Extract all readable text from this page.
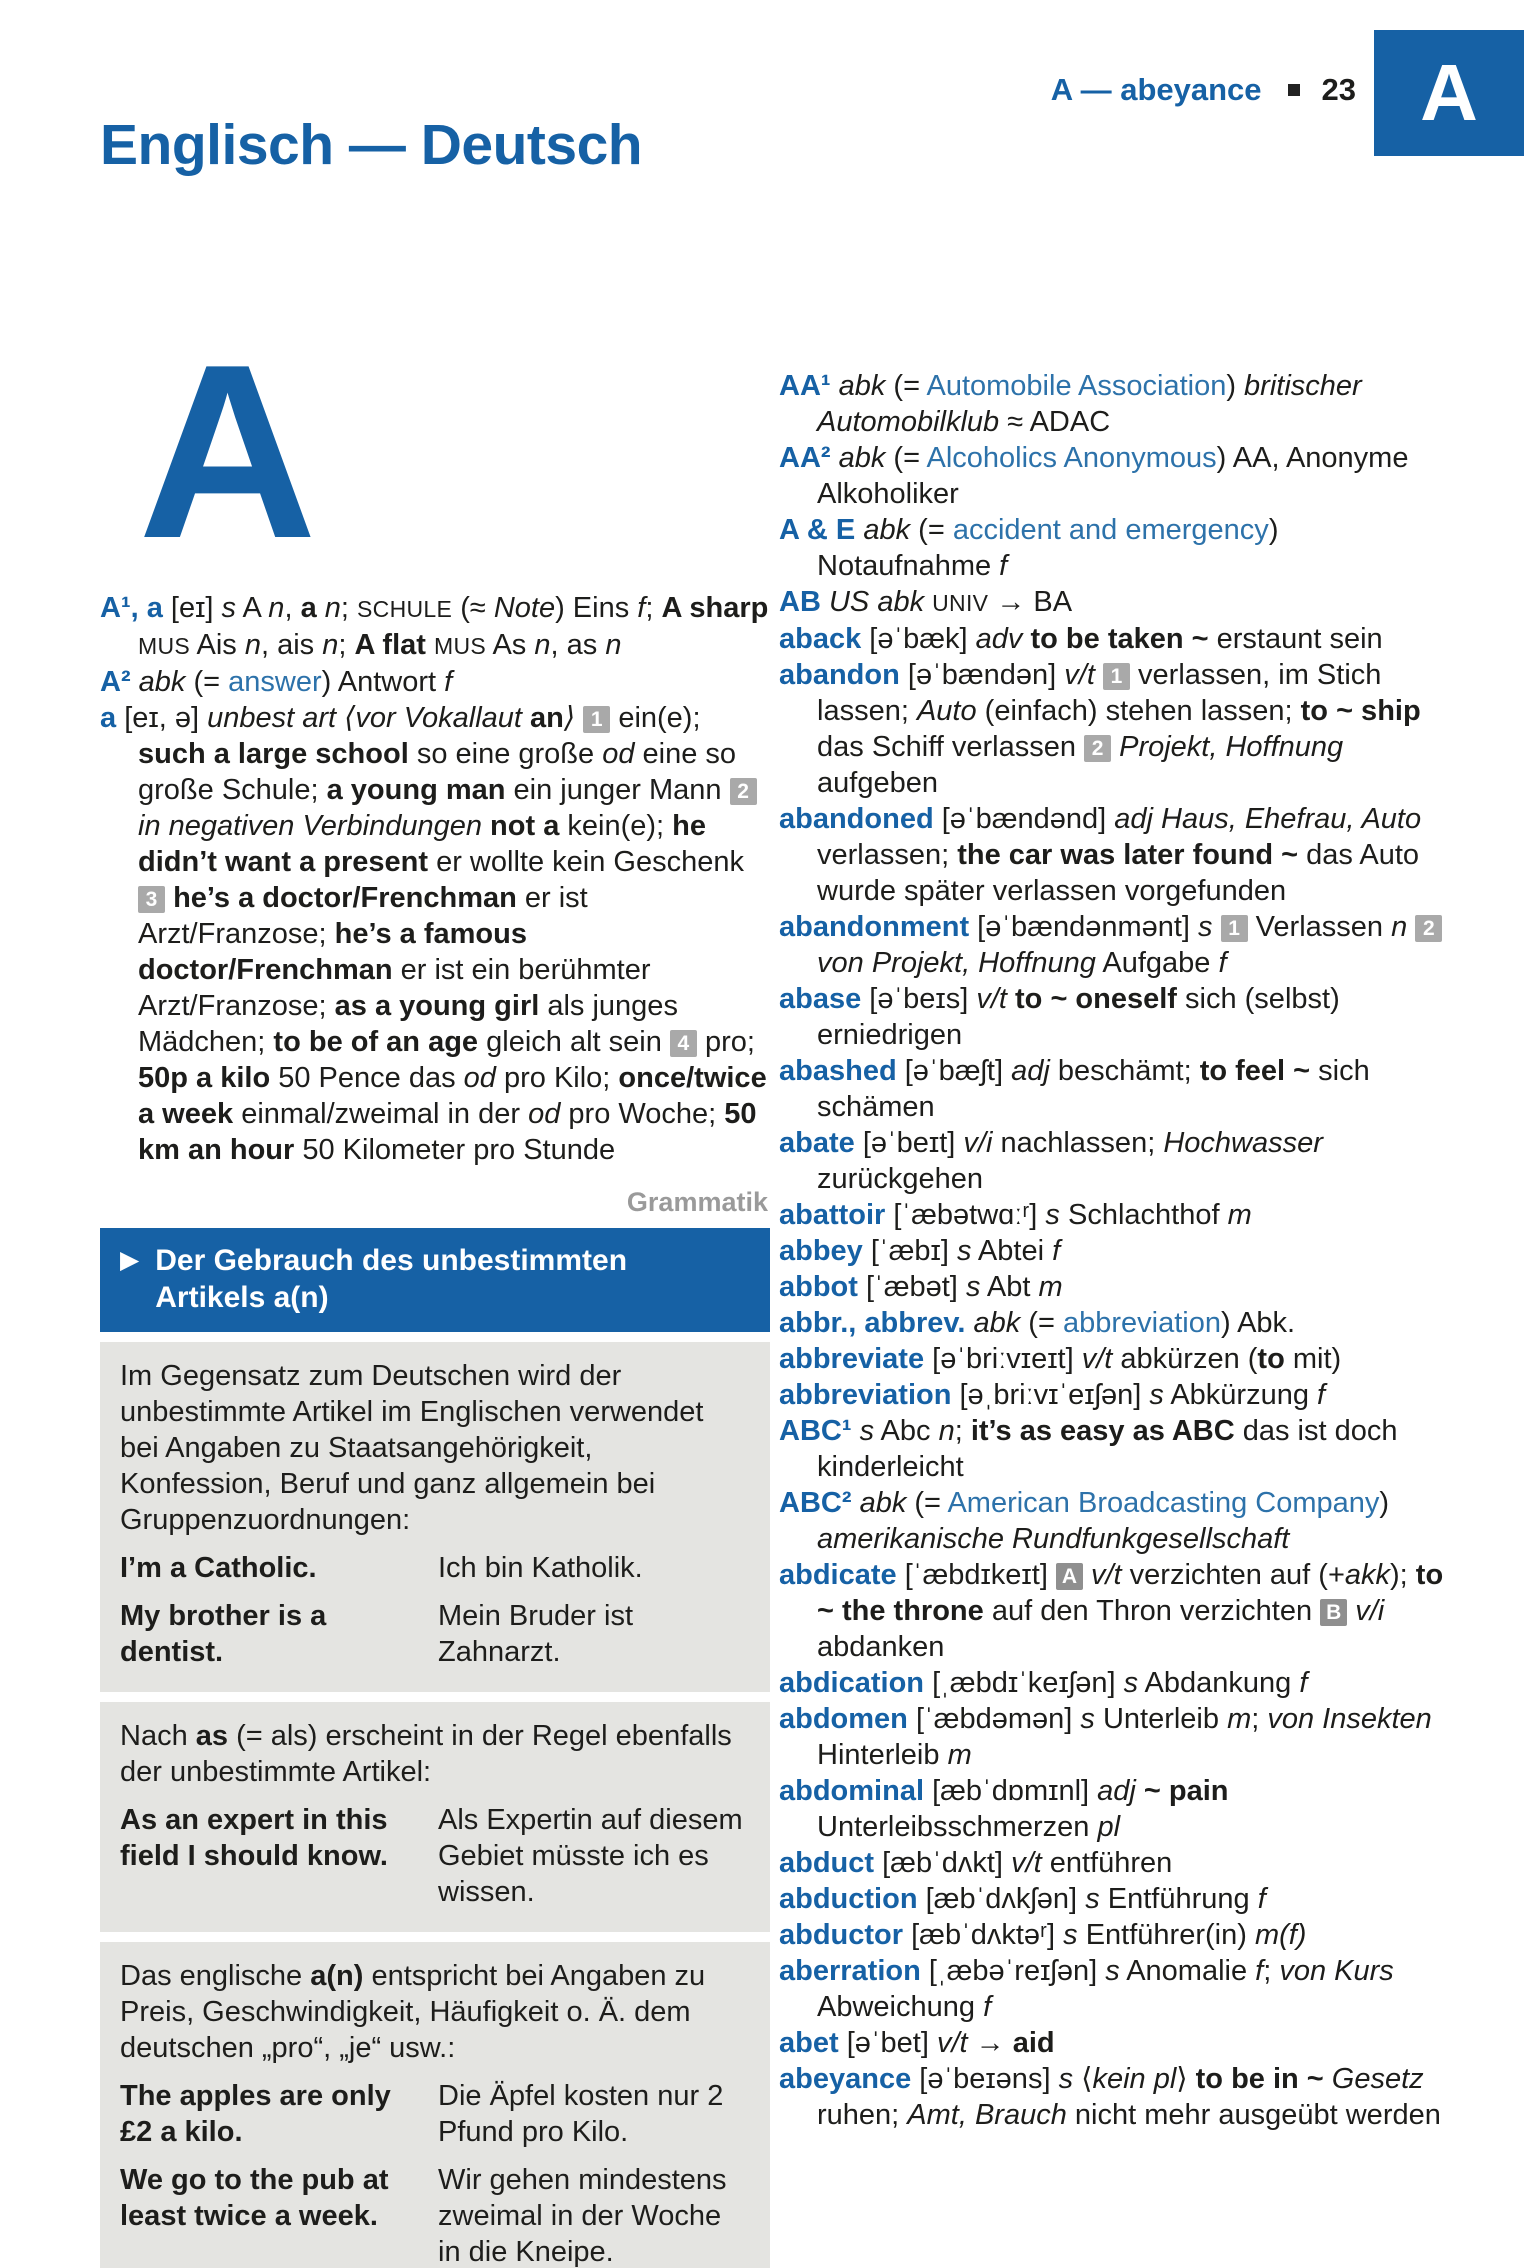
A
A — abeyance 23
Englisch — Deutsch
A

A¹, a [eɪ] s A n, a n; SCHULE (≈ Note) Eins f; A sharp MUS Ais n, ais n; A flat MUS As n, as n

A² abk (= answer) Antwort f

a [eɪ, ə] unbest art ⟨vor Vokallaut an⟩ 1 ein(e); such a large school so eine große od eine so große Schule; a young man ein junger Mann 2 in negativen Verbindungen not a kein(e); he didn’t want a present er wollte kein Geschenk 3 he’s a doctor/Frenchman er ist Arzt/Franzose; he’s a famous doctor/Frenchman er ist ein berühmter Arzt/Franzose; as a young girl als junges Mädchen; to be of an age gleich alt sein 4 pro; 50p a kilo 50 Pence das od pro Kilo; once/twice a week einmal/zweimal in der od pro Woche; 50 km an hour 50 Kilometer pro Stunde

Grammatik
▶ Der Gebrauch des unbestimmten Artikels a(n)

Im Gegensatz zum Deutschen wird der unbestimmte Artikel im Englischen verwendet bei Angaben zu Staatsangehörigkeit, Konfession, Beruf und ganz allgemein bei Gruppenzuordnungen:

I’m a Catholic.	Ich bin Katholik.
My brother is a dentist.
Mein Bruder ist Zahnarzt.

Nach as (= als) erscheint in der Regel ebenfalls der unbestimmte Artikel:

As an expert in this field I should know.
Als Expertin auf diesem Gebiet müsste ich es wissen.

Das englische a(n) entspricht bei Angaben zu Preis, Geschwindigkeit, Häufigkeit o. Ä. dem deutschen „pro“, „je“ usw.:

The apples are only £2 a kilo.
Die Äpfel kosten nur 2 Pfund pro Kilo.
We go to the pub at least twice a week.
Wir gehen mindestens zweimal in der Woche in die Kneipe.

AA¹ abk (= Automobile Association) britischer Automobilklub ≈ ADAC

AA² abk (= Alcoholics Anonymous) AA, Anonyme Alkoholiker

A & E abk (= accident and emergency) Notaufnahme f

AB US abk UNIV → BA

aback [əˈbæk] adv to be taken ~ erstaunt sein

abandon [əˈbændən] v/t 1 verlassen, im Stich lassen; Auto (einfach) stehen lassen; to ~ ship das Schiff verlassen 2 Projekt, Hoffnung aufgeben

abandoned [əˈbændənd] adj Haus, Ehefrau, Auto verlassen; the car was later found ~ das Auto wurde später verlassen vorgefunden

abandonment [əˈbændənmənt] s 1 Verlassen n 2 von Projekt, Hoffnung Aufgabe f

abase [əˈbeɪs] v/t to ~ oneself sich (selbst) erniedrigen

abashed [əˈbæʃt] adj beschämt; to feel ~ sich schämen

abate [əˈbeɪt] v/i nachlassen; Hochwasser zurückgehen

abattoir [ˈæbətwɑːʳ] s Schlachthof m

abbey [ˈæbɪ] s Abtei f

abbot [ˈæbət] s Abt m

abbr., abbrev. abk (= abbreviation) Abk.

abbreviate [əˈbriːvɪeɪt] v/t abkürzen (to mit)

abbreviation [əˌbriːvɪˈeɪʃən] s Abkürzung f

ABC¹ s Abc n; it’s as easy as ABC das ist doch kinderleicht

ABC² abk (= American Broadcasting Company) amerikanische Rundfunkgesellschaft

abdicate [ˈæbdɪkeɪt] A v/t verzichten auf (+akk); to ~ the throne auf den Thron verzichten B v/i abdanken

abdication [ˌæbdɪˈkeɪʃən] s Abdankung f

abdomen [ˈæbdəmən] s Unterleib m; von Insekten Hinterleib m

abdominal [æbˈdɒmɪnl] adj ~ pain Unterleibsschmerzen pl

abduct [æbˈdʌkt] v/t entführen

abduction [æbˈdʌkʃən] s Entführung f

abductor [æbˈdʌktəʳ] s Entführer(in) m(f)

aberration [ˌæbəˈreɪʃən] s Anomalie f; von Kurs Abweichung f

abet [əˈbet] v/t → aid

abeyance [əˈbeɪəns] s ⟨kein pl⟩ to be in ~ Gesetz ruhen; Amt, Brauch nicht mehr ausgeübt werden
